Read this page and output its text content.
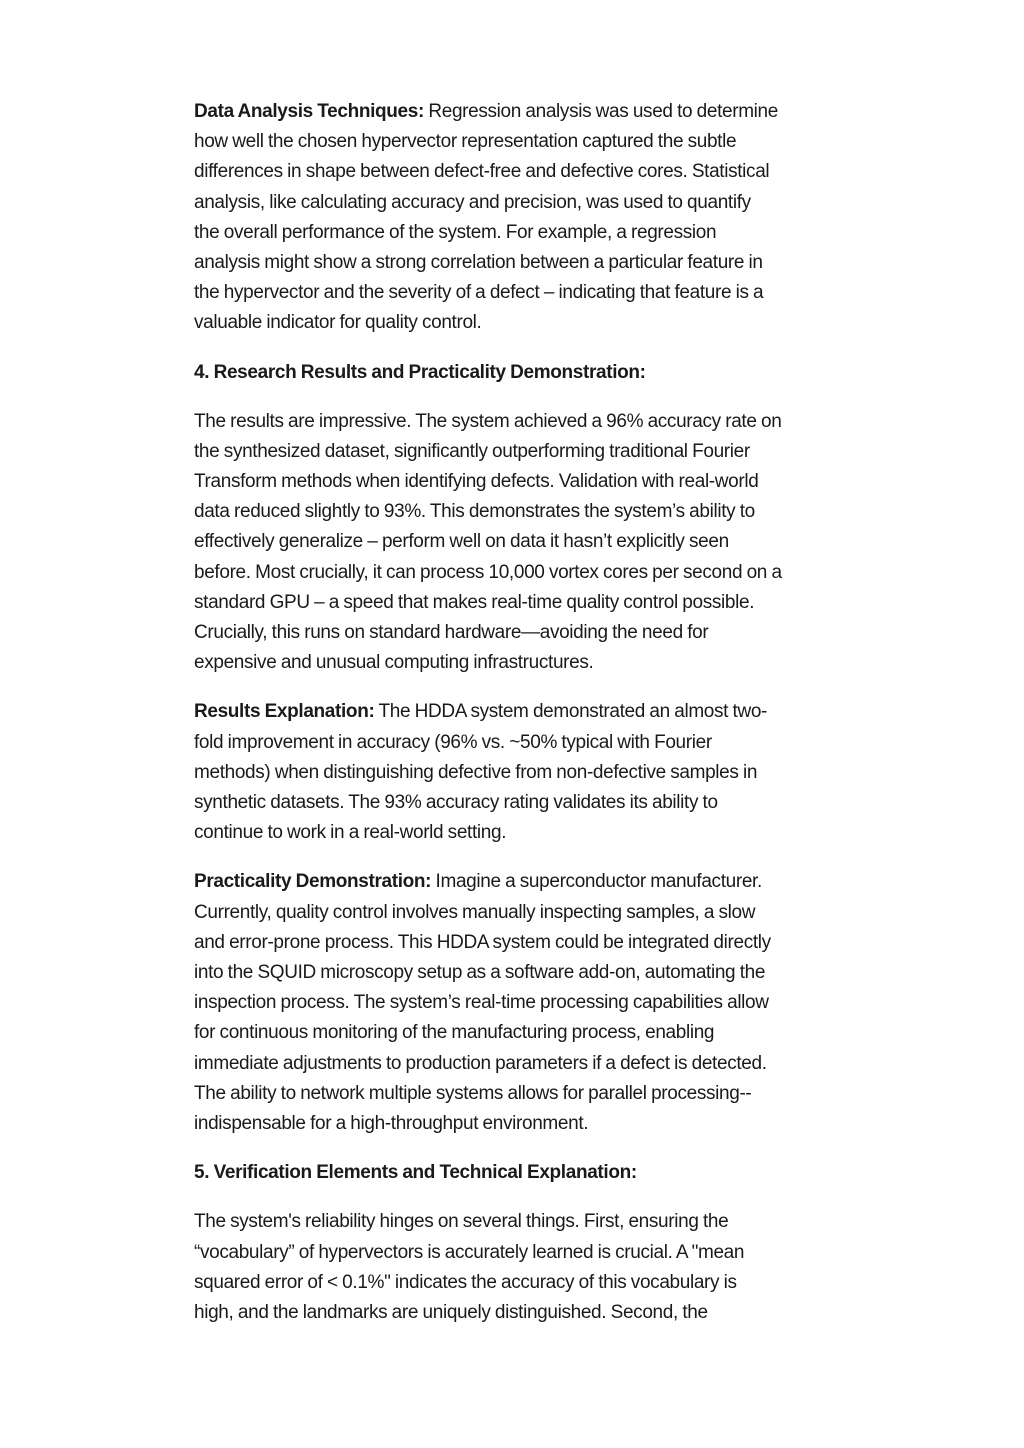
Data Analysis Techniques: Regression analysis was used to determine
how well the chosen hypervector representation captured the subtle
differences in shape between defect-free and defective cores. Statistical
analysis, like calculating accuracy and precision, was used to quantify
the overall performance of the system. For example, a regression
analysis might show a strong correlation between a particular feature in
the hypervector and the severity of a defect – indicating that feature is a
valuable indicator for quality control.

4. Research Results and Practicality Demonstration:

The results are impressive. The system achieved a 96% accuracy rate on
the synthesized dataset, significantly outperforming traditional Fourier
Transform methods when identifying defects. Validation with real-world
data reduced slightly to 93%. This demonstrates the system’s ability to
effectively generalize – perform well on data it hasn’t explicitly seen
before. Most crucially, it can process 10,000 vortex cores per second on a
standard GPU – a speed that makes real-time quality control possible.
Crucially, this runs on standard hardware—avoiding the need for
expensive and unusual computing infrastructures.

Results Explanation: The HDDA system demonstrated an almost two-
fold improvement in accuracy (96% vs. ~50% typical with Fourier
methods) when distinguishing defective from non-defective samples in
synthetic datasets. The 93% accuracy rating validates its ability to
continue to work in a real-world setting.

Practicality Demonstration: Imagine a superconductor manufacturer.
Currently, quality control involves manually inspecting samples, a slow
and error-prone process. This HDDA system could be integrated directly
into the SQUID microscopy setup as a software add-on, automating the
inspection process. The system’s real-time processing capabilities allow
for continuous monitoring of the manufacturing process, enabling
immediate adjustments to production parameters if a defect is detected.
The ability to network multiple systems allows for parallel processing--
indispensable for a high-throughput environment.

5. Verification Elements and Technical Explanation:

The system's reliability hinges on several things. First, ensuring the
“vocabulary” of hypervectors is accurately learned is crucial. A "mean
squared error of < 0.1%" indicates the accuracy of this vocabulary is
high, and the landmarks are uniquely distinguished. Second, the
